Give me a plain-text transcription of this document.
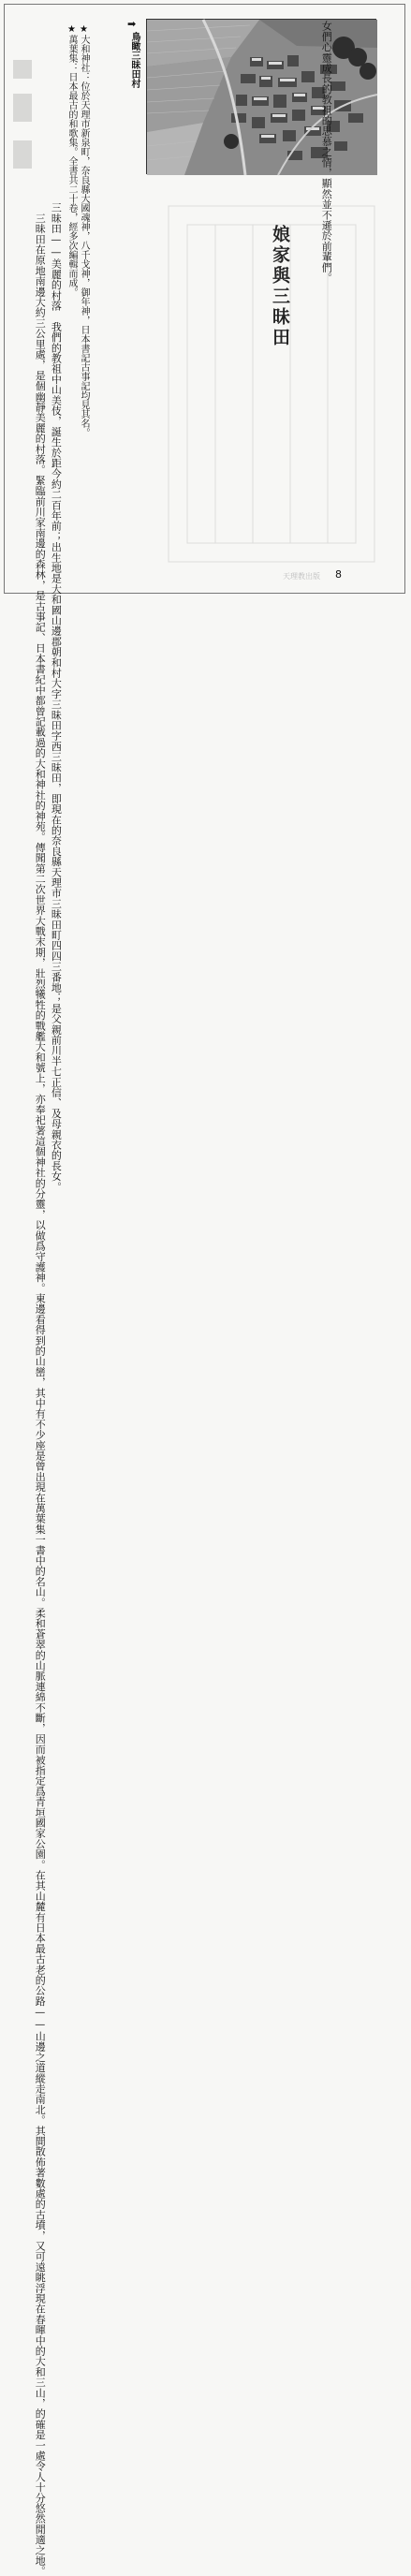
➡
鳥瞰三昧田村
★大和神社：位於天理市新泉町，奈良縣大國魂神，八千戈神，御年神，日本書記古事記均見其名。
★萬葉集：日本最古的和歌集。全書共二十卷，經多次編輯而成。	女們心靈成長的教祖的思慕之情，顯然並不遜於前輩們。
娘家與三昧田
三昧田——美麗的村落　我們的教祖中山美伎，誕生於距今約二百年前；出生地是大和國山邊郡朝和村大字三昧田字西三昧田，即現在的奈良縣天理市三昧田町四四三番地；是父親前川半七正信、及母親衣的長女。
　三昧田在原地南邊大約三公里處，是個幽靜美麗的村落。緊臨前川家南邊的森林，是古事記、日本書紀中都曾記載過的大和神社的神苑。傳聞第二次世界大戰末期，壯烈犧牲的戰艦大和號上，亦奉祀著這個神社的分靈，以做爲守護神。東邊看得到的山巒，其中有不少座是曾出現在萬葉集一書中的名山。柔和蒼翠的山脈連綿不斷，因而被指定爲青垣國家公園。在其山麓有日本最古老的公路——山邊之道縱走南北。其間散佈著數處的古墳，又可遠眺浮現在春暉中的大和三山，的確是一處令人十分悠然閒適之地。	天理教出版 8
